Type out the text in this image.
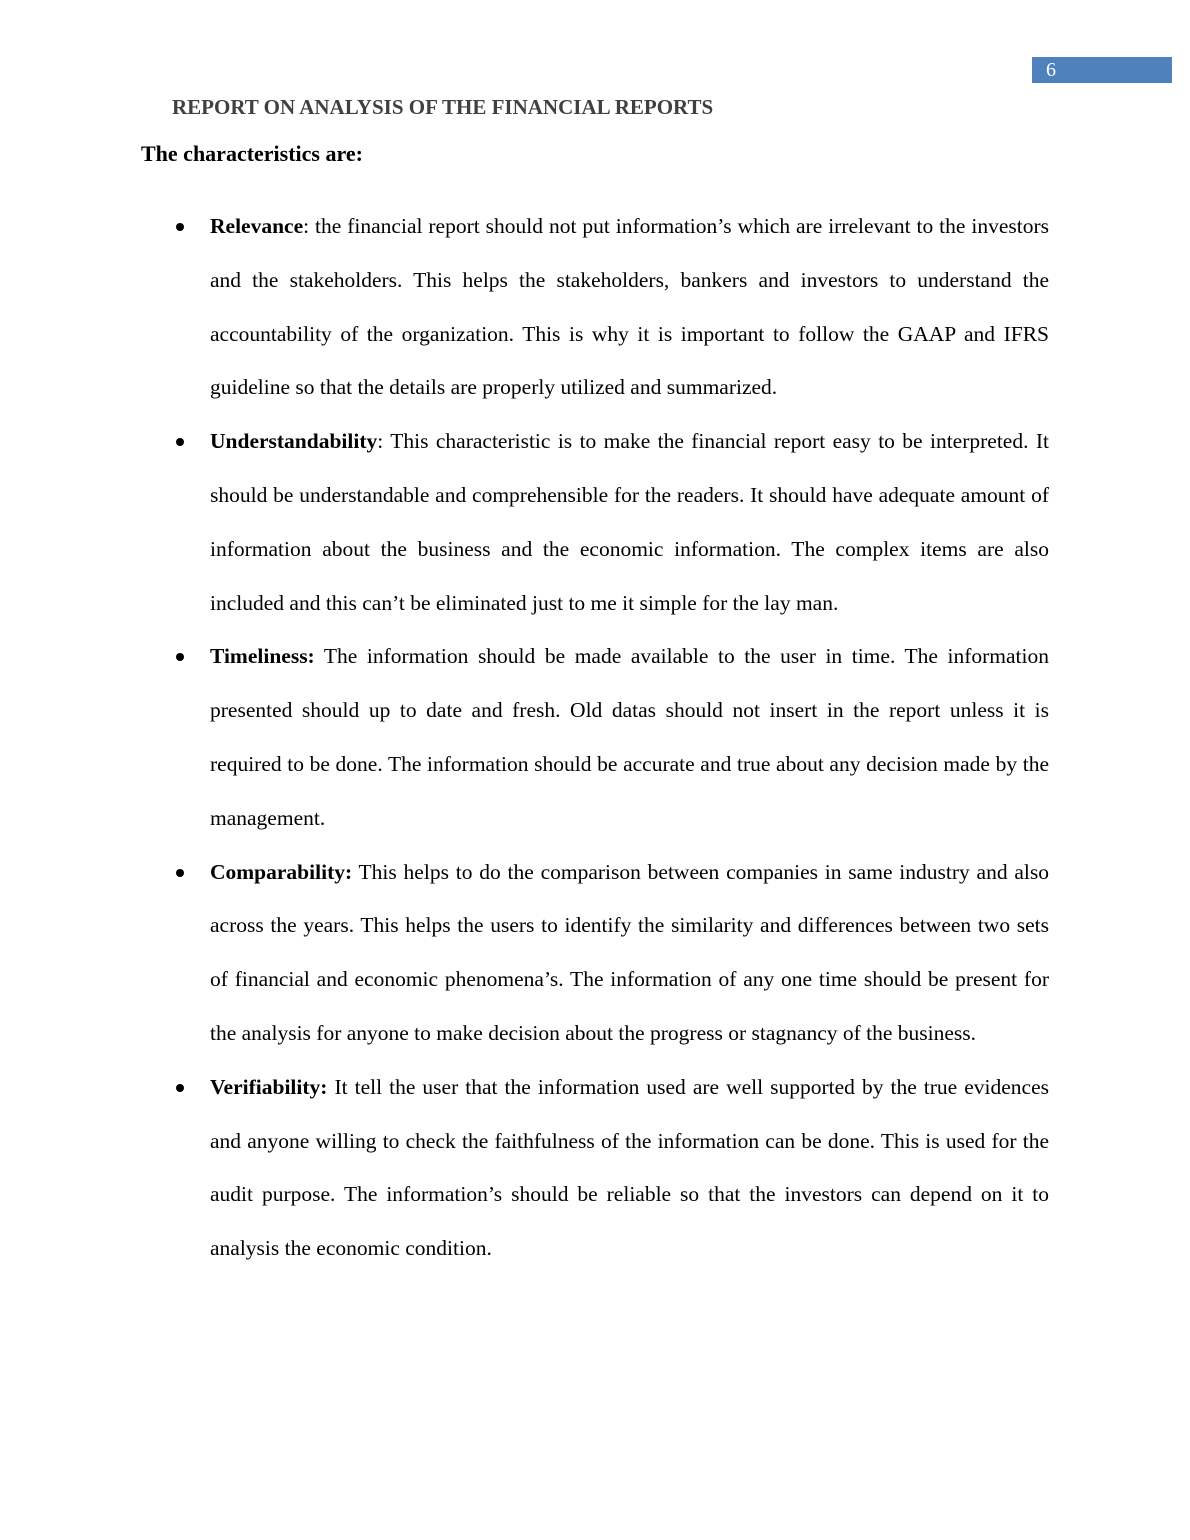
6
REPORT ON ANALYSIS OF THE FINANCIAL REPORTS
The characteristics are:
Relevance: the financial report should not put information’s which are irrelevant to the investors and the stakeholders. This helps the stakeholders, bankers and investors to understand the accountability of the organization. This is why it is important to follow the GAAP and IFRS guideline so that the details are properly utilized and summarized.
Understandability: This characteristic is to make the financial report easy to be interpreted. It should be understandable and comprehensible for the readers. It should have adequate amount of information about the business and the economic information. The complex items are also included and this can’t be eliminated just to me it simple for the lay man.
Timeliness: The information should be made available to the user in time. The information presented should up to date and fresh. Old datas should not insert in the report unless it is required to be done. The information should be accurate and true about any decision made by the management.
Comparability: This helps to do the comparison between companies in same industry and also across the years. This helps the users to identify the similarity and differences between two sets of financial and economic phenomena’s. The information of any one time should be present for the analysis for anyone to make decision about the progress or stagnancy of the business.
Verifiability: It tell the user that the information used are well supported by the true evidences and anyone willing to check the faithfulness of the information can be done. This is used for the audit purpose. The information’s should be reliable so that the investors can depend on it to analysis the economic condition.
